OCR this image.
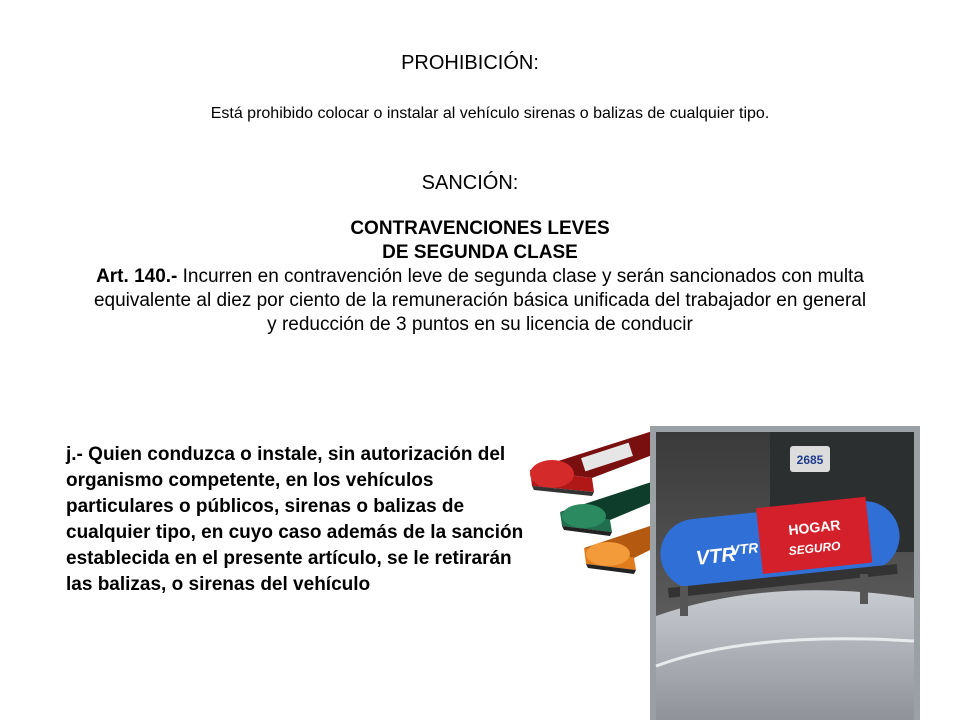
PROHIBICIÓN:
Está prohibido colocar o instalar al vehículo sirenas o balizas de cualquier tipo.
SANCIÓN:
CONTRAVENCIONES LEVES
DE SEGUNDA CLASE
Art. 140.- Incurren en contravención leve de segunda clase y serán sancionados con multa equivalente al diez por ciento de la remuneración básica unificada del trabajador en general y reducción de 3 puntos en su licencia de conducir
j.- Quien conduzca o instale, sin autorización del organismo competente, en los vehículos particulares o públicos, sirenas o balizas de cualquier tipo, en cuyo caso además de la sanción establecida en el presente artículo, se le retirarán las balizas, o sirenas del vehículo
2685
VTR
VTR
HOGAR
SEGURO
